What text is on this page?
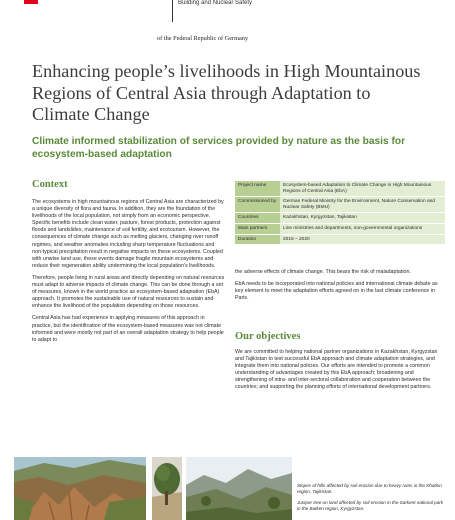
Building and Nuclear Safety
of the Federal Republic of Germany
Enhancing people’s livelihoods in High Mountainous Regions of Central Asia through Adaptation to Climate Change
Climate informed stabilization of services provided by nature as the basis for ecosystem-based adaptation
Context

The ecosystems in high mountainous regions of Central Asia are characterized by a unique diversity of flora and fauna. In addition, they are the foundation of the livelihoods of the local population, not simply from an economic perspective. Specific benefits include clean water, pasture, forest products, protection against floods and landslides, maintenance of soil fertility, and ecotourism. However, the consequences of climate change such as melting glaciers, changing river runoff regimes, and weather anomalies including sharp temperature fluctuations and non-typical precipitation result in negative impacts on these ecosystems. Coupled with unwise land use, these events damage fragile mountain ecosystems and reduce their regeneration ability undermining the local population’s livelihoods.

Therefore, people living in rural areas and directly depending on natural resources must adapt to adverse impacts of climate change. This can be done through a set of measures, known in the world practice as ecosystem-based adaptation (EbA) approach. It promotes the sustainable use of natural resources to sustain and enhance the livelihood of the population depending on those resources.

Central Asia has had experience in applying measures of this approach in practice, but the identification of the ecosystem-based measures was not climate informed and were mostly not part of an overall adaptation strategy to help people to adapt to

Project name	Ecosystem-based Adaptation to Climate Change in High Mountainous Regions of Central Asia (EbA)
Commissioned by	German Federal Ministry for the Environment, Nature Conservation and Nuclear Safety (BMU)
Countries	Kazakhstan, Kyrgyzstan, Tajikistan
Main partners	Line ministries and departments, non-governmental organizations
Duration	2015 – 2020

the adverse effects of climate change. This bears the risk of maladaptation.

EbA needs to be incorporated into national policies and international climate debate as key element to meet the adaptation efforts agreed on in the last climate conference in Paris.

Our objectives

We are committed to helping national partner organizations in Kazakhstan, Kyrgyzstan and Tajikistan to test successful EbA approach and climate adaptation strategies, and integrate them into national policies. Our efforts are intended to promote a common understanding of advantages created by this EbA approach; broadening and strengthening of intra- and inter-sectoral collaboration and cooperation between the countries; and supporting the planning efforts of international development partners.

Slopes of hills affected by soil erosion due to heavy rains in the Khatlon region, Tajikistan.

Juniper tree on land affected by soil erosion in the Sarkent national park in the Batken region, Kyrgyzstan.
